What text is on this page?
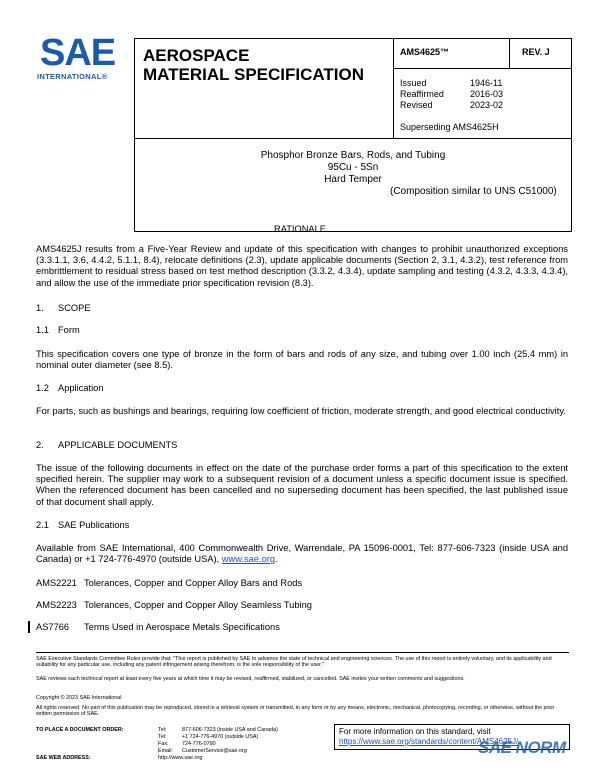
SAE
INTERNATIONAL®
AEROSPACE
MATERIAL SPECIFICATION
AMS4625™	REV. J
Issued	1946-11
Reaffirmed	2016-03
Revised	2023-02
Superseding AMS4625H
Phosphor Bronze Bars, Rods, and Tubing
95Cu - 5Sn
Hard Temper
(Composition similar to UNS C51000)
RATIONALE
AMS4625J results from a Five-Year Review and update of this specification with changes to prohibit unauthorized exceptions (3.3.1.1, 3.6, 4.4.2, 5.1.1, 8.4), relocate definitions (2.3), update applicable documents (Section 2, 3.1, 4.3.2), test reference from embrittlement to residual stress based on test method description (3.3.2, 4.3.4), update sampling and testing (4.3.2, 4.3.3, 4.3.4), and allow the use of the immediate prior specification revision (8.3).
1. SCOPE
1.1 Form
This specification covers one type of bronze in the form of bars and rods of any size, and tubing over 1.00 inch (25.4 mm) in nominal outer diameter (see 8.5).
1.2 Application
For parts, such as bushings and bearings, requiring low coefficient of friction, moderate strength, and good electrical conductivity.
2. APPLICABLE DOCUMENTS
The issue of the following documents in effect on the date of the purchase order forms a part of this specification to the extent specified herein. The supplier may work to a subsequent revision of a document unless a specific document issue is specified. When the referenced document has been cancelled and no superseding document has been specified, the last published issue of that document shall apply.
2.1 SAE Publications
Available from SAE International, 400 Commonwealth Drive, Warrendale, PA 15096-0001, Tel: 877-606-7323 (inside USA and Canada) or +1 724-776-4970 (outside USA), www.sae.org.
AMS2221 Tolerances, Copper and Copper Alloy Bars and Rods
AMS2223 Tolerances, Copper and Copper Alloy Seamless Tubing
AS7766 Terms Used in Aerospace Metals Specifications
SAE Executive Standards Committee Rules provide that: "This report is published by SAE to advance the state of technical and engineering sciences. The use of this report is entirely voluntary, and its applicability and suitability for any particular use, including any patent infringement arising therefrom, is the sole responsibility of the user."
SAE reviews each technical report at least every five years at which time it may be revised, reaffirmed, stabilized, or cancelled. SAE invites your written comments and suggestions.
Copyright © 2023 SAE International
All rights reserved. No part of this publication may be reproduced, stored in a retrieval system or transmitted, in any form or by any means, electronic, mechanical, photocopying, recording, or otherwise, without the prior written permission of SAE.
TO PLACE A DOCUMENT ORDER:	Tel:	877-606-7323 (inside USA and Canada)
Tel:	+1 724-776-4970 (outside USA)
Fax:	724-776-0790
Email: CustomerService@sae.org
SAE WEB ADDRESS:	http://www.sae.org
For more information on this standard, visit
https://www.sae.org/standards/content/AMS4625J/
SAE NORM
